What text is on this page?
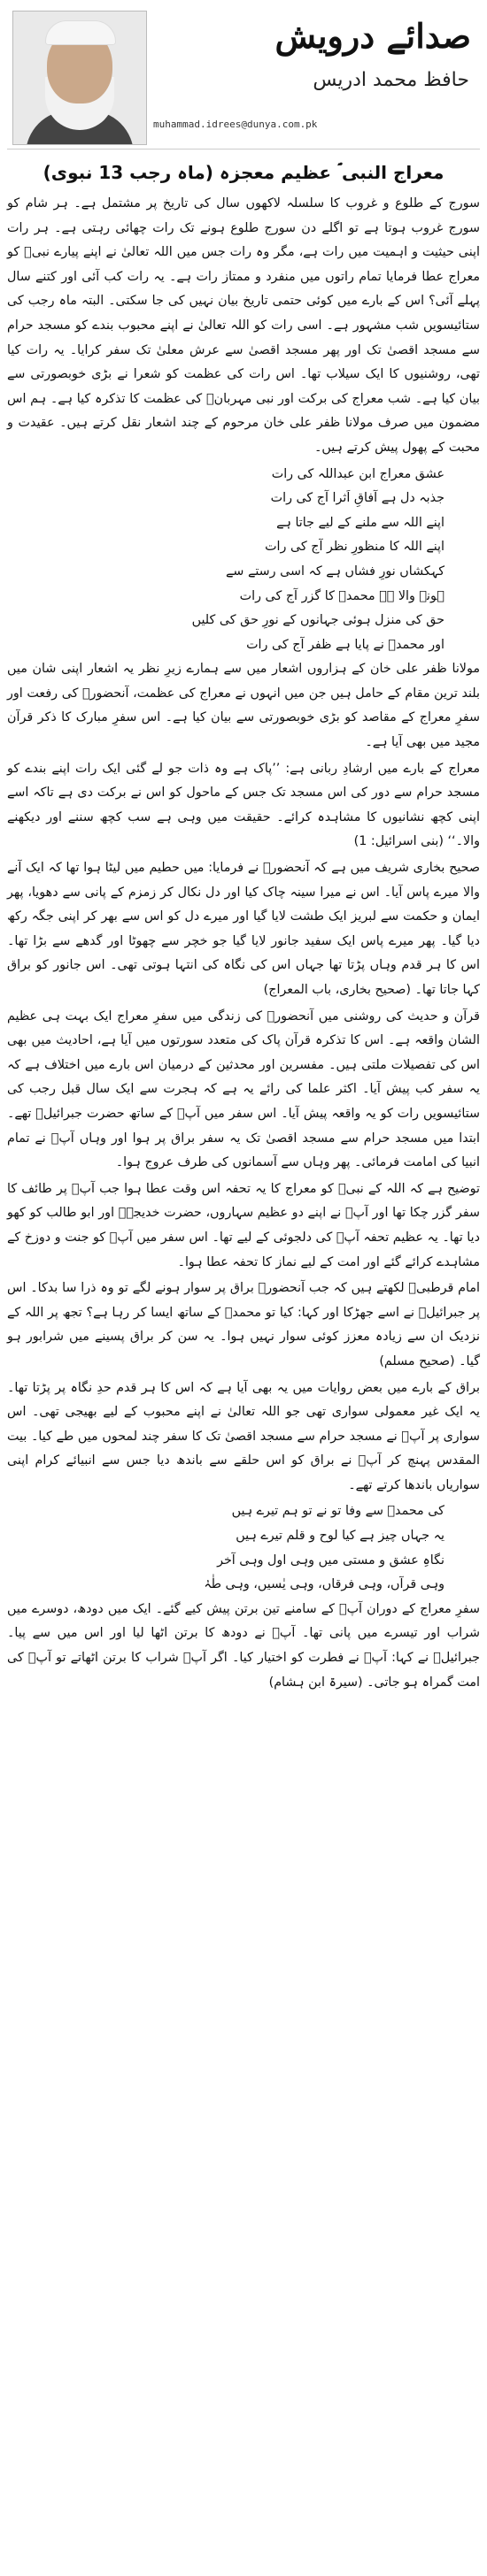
صدائے درویش
حافظ محمد ادریس
muhammad.idrees@dunya.com.pk
معراج النبی ؐ عظیم معجزہ (ماہ رجب 13 نبوی)

سورج کے طلوع و غروب کا سلسلہ لاکھوں سال کی تاریخ پر مشتمل ہے۔ ہر شام کو سورج غروب ہوتا ہے تو اگلے دن سورج طلوع ہونے تک رات چھائی رہتی ہے۔ ہر رات اپنی حیثیت و اہمیت میں رات ہے، مگر وہ رات جس میں اللہ تعالیٰ نے اپنے پیارے نبیؐ کو معراج عطا فرمایا تمام راتوں میں منفرد و ممتاز رات ہے۔ یہ رات کب آئی اور کتنے سال پہلے آئی؟ اس کے بارے میں کوئی حتمی تاریخ بیان نہیں کی جا سکتی۔ البتہ ماہ رجب کی ستائیسویں شب مشہور ہے۔ اسی رات کو اللہ تعالیٰ نے اپنے محبوب بندے کو مسجد حرام سے مسجد اقصیٰ تک اور پھر مسجد اقصیٰ سے عرش معلیٰ تک سفر کرایا۔ یہ رات کیا تھی، روشنیوں کا ایک سیلاب تھا۔ اس رات کی عظمت کو شعرا نے بڑی خوبصورتی سے بیان کیا ہے۔ شب معراج کی برکت اور نبی مہربانؐ کی عظمت کا تذکرہ کیا ہے۔ ہم اس مضمون میں صرف مولانا ظفر علی خان مرحوم کے چند اشعار نقل کرتے ہیں۔ عقیدت و محبت کے پھول پیش کرتے ہیں۔

عشق معراج ابن عبداللہ کی رات
جذبہ دل ہے آفاقِ اَثرا آج کی رات
اپنے اللہ سے ملنے کے لیے جاتا ہے
اپنے اللہ کا منظورِ نظر آج کی رات
کہکشاں نورِ فشاں ہے کہ اسی رستے سے
ہونے والا ہے محمدؐ کا گزر آج کی رات
حق کی منزل ہوئی جہانوں کے نورِ حق کی کلیں
اور محمدؐ نے پایا ہے ظفر آج کی رات

مولانا ظفر علی خان کے ہزاروں اشعار میں سے ہمارے زیرِ نظر یہ اشعار اپنی شان میں بلند ترین مقام کے حامل ہیں جن میں انہوں نے معراج کی عظمت، آنحضورؐ کی رفعت اور سفرِ معراج کے مقاصد کو بڑی خوبصورتی سے بیان کیا ہے۔ اس سفرِ مبارک کا ذکر قرآن مجید میں بھی آیا ہے۔

معراج کے بارے میں ارشادِ ربانی ہے: ’’پاک ہے وہ ذات جو لے گئی ایک رات اپنے بندے کو مسجد حرام سے دور کی اس مسجد تک جس کے ماحول کو اس نے برکت دی ہے تاکہ اسے اپنی کچھ نشانیوں کا مشاہدہ کرائے۔ حقیقت میں وہی ہے سب کچھ سننے اور دیکھنے والا۔‘‘ (بنی اسرائیل: 1)

صحیح بخاری شریف میں ہے کہ آنحضورؐ نے فرمایا: میں حطیم میں لیٹا ہوا تھا کہ ایک آنے والا میرے پاس آیا۔ اس نے میرا سینہ چاک کیا اور دل نکال کر زمزم کے پانی سے دھویا، پھر ایمان و حکمت سے لبریز ایک طشت لایا گیا اور میرے دل کو اس سے بھر کر اپنی جگہ رکھ دیا گیا۔ پھر میرے پاس ایک سفید جانور لایا گیا جو خچر سے چھوٹا اور گدھے سے بڑا تھا۔ اس کا ہر قدم وہاں پڑتا تھا جہاں اس کی نگاہ کی انتہا ہوتی تھی۔ اس جانور کو براق کہا جاتا تھا۔ (صحیح بخاری، باب المعراج)

قرآن و حدیث کی روشنی میں آنحضورؐ کی زندگی میں سفرِ معراج ایک بہت ہی عظیم الشان واقعہ ہے۔ اس کا تذکرہ قرآن پاک کی متعدد سورتوں میں آیا ہے، احادیث میں بھی اس کی تفصیلات ملتی ہیں۔ مفسرین اور محدثین کے درمیان اس بارے میں اختلاف ہے کہ یہ سفر کب پیش آیا۔ اکثر علما کی رائے یہ ہے کہ ہجرت سے ایک سال قبل رجب کی ستائیسویں رات کو یہ واقعہ پیش آیا۔ اس سفر میں آپؐ کے ساتھ حضرت جبرائیلؑ تھے۔ ابتدا میں مسجد حرام سے مسجد اقصیٰ تک یہ سفر براق پر ہوا اور وہاں آپؐ نے تمام انبیا کی امامت فرمائی۔ پھر وہاں سے آسمانوں کی طرف عروج ہوا۔

توضیح ہے کہ اللہ کے نبیؐ کو معراج کا یہ تحفہ اس وقت عطا ہوا جب آپؐ پر طائف کا سفر گزر چکا تھا اور آپؐ نے اپنے دو عظیم سہاروں، حضرت خدیجہؓ اور ابو طالب کو کھو دیا تھا۔ یہ عظیم تحفہ آپؐ کی دلجوئی کے لیے تھا۔ اس سفر میں آپؐ کو جنت و دوزخ کے مشاہدے کرائے گئے اور امت کے لیے نماز کا تحفہ عطا ہوا۔

امام قرطبیؒ لکھتے ہیں کہ جب آنحضورؐ براق پر سوار ہونے لگے تو وہ ذرا سا بدکا۔ اس پر جبرائیلؑ نے اسے جھڑکا اور کہا: کیا تو محمدؐ کے ساتھ ایسا کر رہا ہے؟ تجھ پر اللہ کے نزدیک ان سے زیادہ معزز کوئی سوار نہیں ہوا۔ یہ سن کر براق پسینے میں شرابور ہو گیا۔ (صحیح مسلم)

براق کے بارے میں بعض روایات میں یہ بھی آیا ہے کہ اس کا ہر قدم حدِ نگاہ پر پڑتا تھا۔ یہ ایک غیر معمولی سواری تھی جو اللہ تعالیٰ نے اپنے محبوب کے لیے بھیجی تھی۔ اس سواری پر آپؐ نے مسجد حرام سے مسجد اقصیٰ تک کا سفر چند لمحوں میں طے کیا۔ بیت المقدس پہنچ کر آپؐ نے براق کو اس حلقے سے باندھ دیا جس سے انبیائے کرام اپنی سواریاں باندھا کرتے تھے۔

کی محمدؐ سے وفا تو نے تو ہم تیرے ہیں
یہ جہاں چیز ہے کیا لوح و قلم تیرے ہیں
نگاہِ عشق و مستی میں وہی اول وہی آخر
وہی قرآں، وہی فرقاں، وہی یٰسیں، وہی طٰہٰ

سفرِ معراج کے دوران آپؐ کے سامنے تین برتن پیش کیے گئے۔ ایک میں دودھ، دوسرے میں شراب اور تیسرے میں پانی تھا۔ آپؐ نے دودھ کا برتن اٹھا لیا اور اس میں سے پیا۔ جبرائیلؑ نے کہا: آپؐ نے فطرت کو اختیار کیا۔ اگر آپؐ شراب کا برتن اٹھاتے تو آپؐ کی امت گمراہ ہو جاتی۔ (سیرۃ ابن ہشام)
